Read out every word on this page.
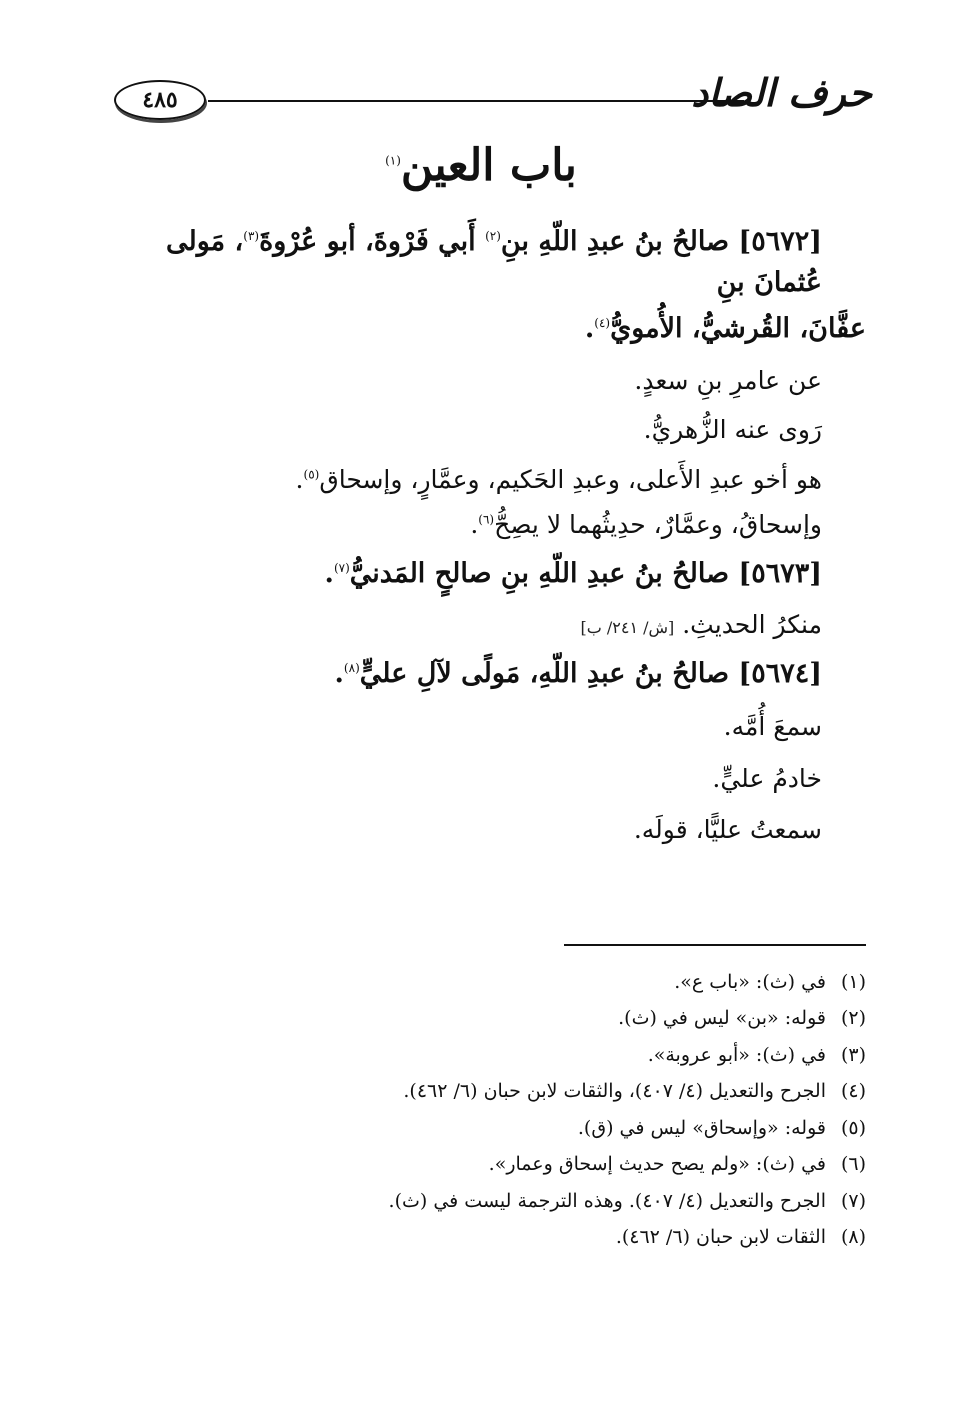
حرف الصاد
٤٨٥
باب العين$^{(١)}$

[٥٦٧٢] صالحُ بنُ عبدِ اللّهِ بنِ$^{(٢)}$ أَبي فَرْوةَ، أبو عُرْوةَ$^{(٣)}$، مَولى عُثمانَ بنِ

عفَّانَ، القُرشيُّ، الأُمويُّ$^{(٤)}$.

عن عامرِ بنِ سعدٍ.

رَوى عنه الزُّهريُّ.

هو أخو عبدِ الأَعلى، وعبدِ الحَكيم، وعمَّارٍ، وإسحاق$^{(٥)}$.

وإسحاقُ، وعمَّارٌ، حدِيثُهما لا يصِحُّ$^{(٦)}$.

[٥٦٧٣] صالحُ بنُ عبدِ اللّهِ بنِ صالحٍ المَدنيُّ$^{(٧)}$.

منكرُ الحديثِ. [ش/ ٢٤١/ ب]

[٥٦٧٤] صالحُ بنُ عبدِ اللّهِ، مَولًى لآلِ عليٍّ$^{(٨)}$.

سمعَ أُمَّه.

خادمُ عليٍّ.

سمعتُ عليًّا، قولَه.

(١)في (ث): «باب ع».
(٢)قوله: «بن» ليس في (ث).
(٣)في (ث): «أبو عروبة».
(٤)الجرح والتعديل (٤/ ٤٠٧)، والثقات لابن حبان (٦/ ٤٦٢).
(٥)قوله: «وإسحاق» ليس في (ق).
(٦)في (ث): «ولم يصح حديث إسحاق وعمار».
(٧)الجرح والتعديل (٤/ ٤٠٧). وهذه الترجمة ليست في (ث).
(٨)الثقات لابن حبان (٦/ ٤٦٢).
